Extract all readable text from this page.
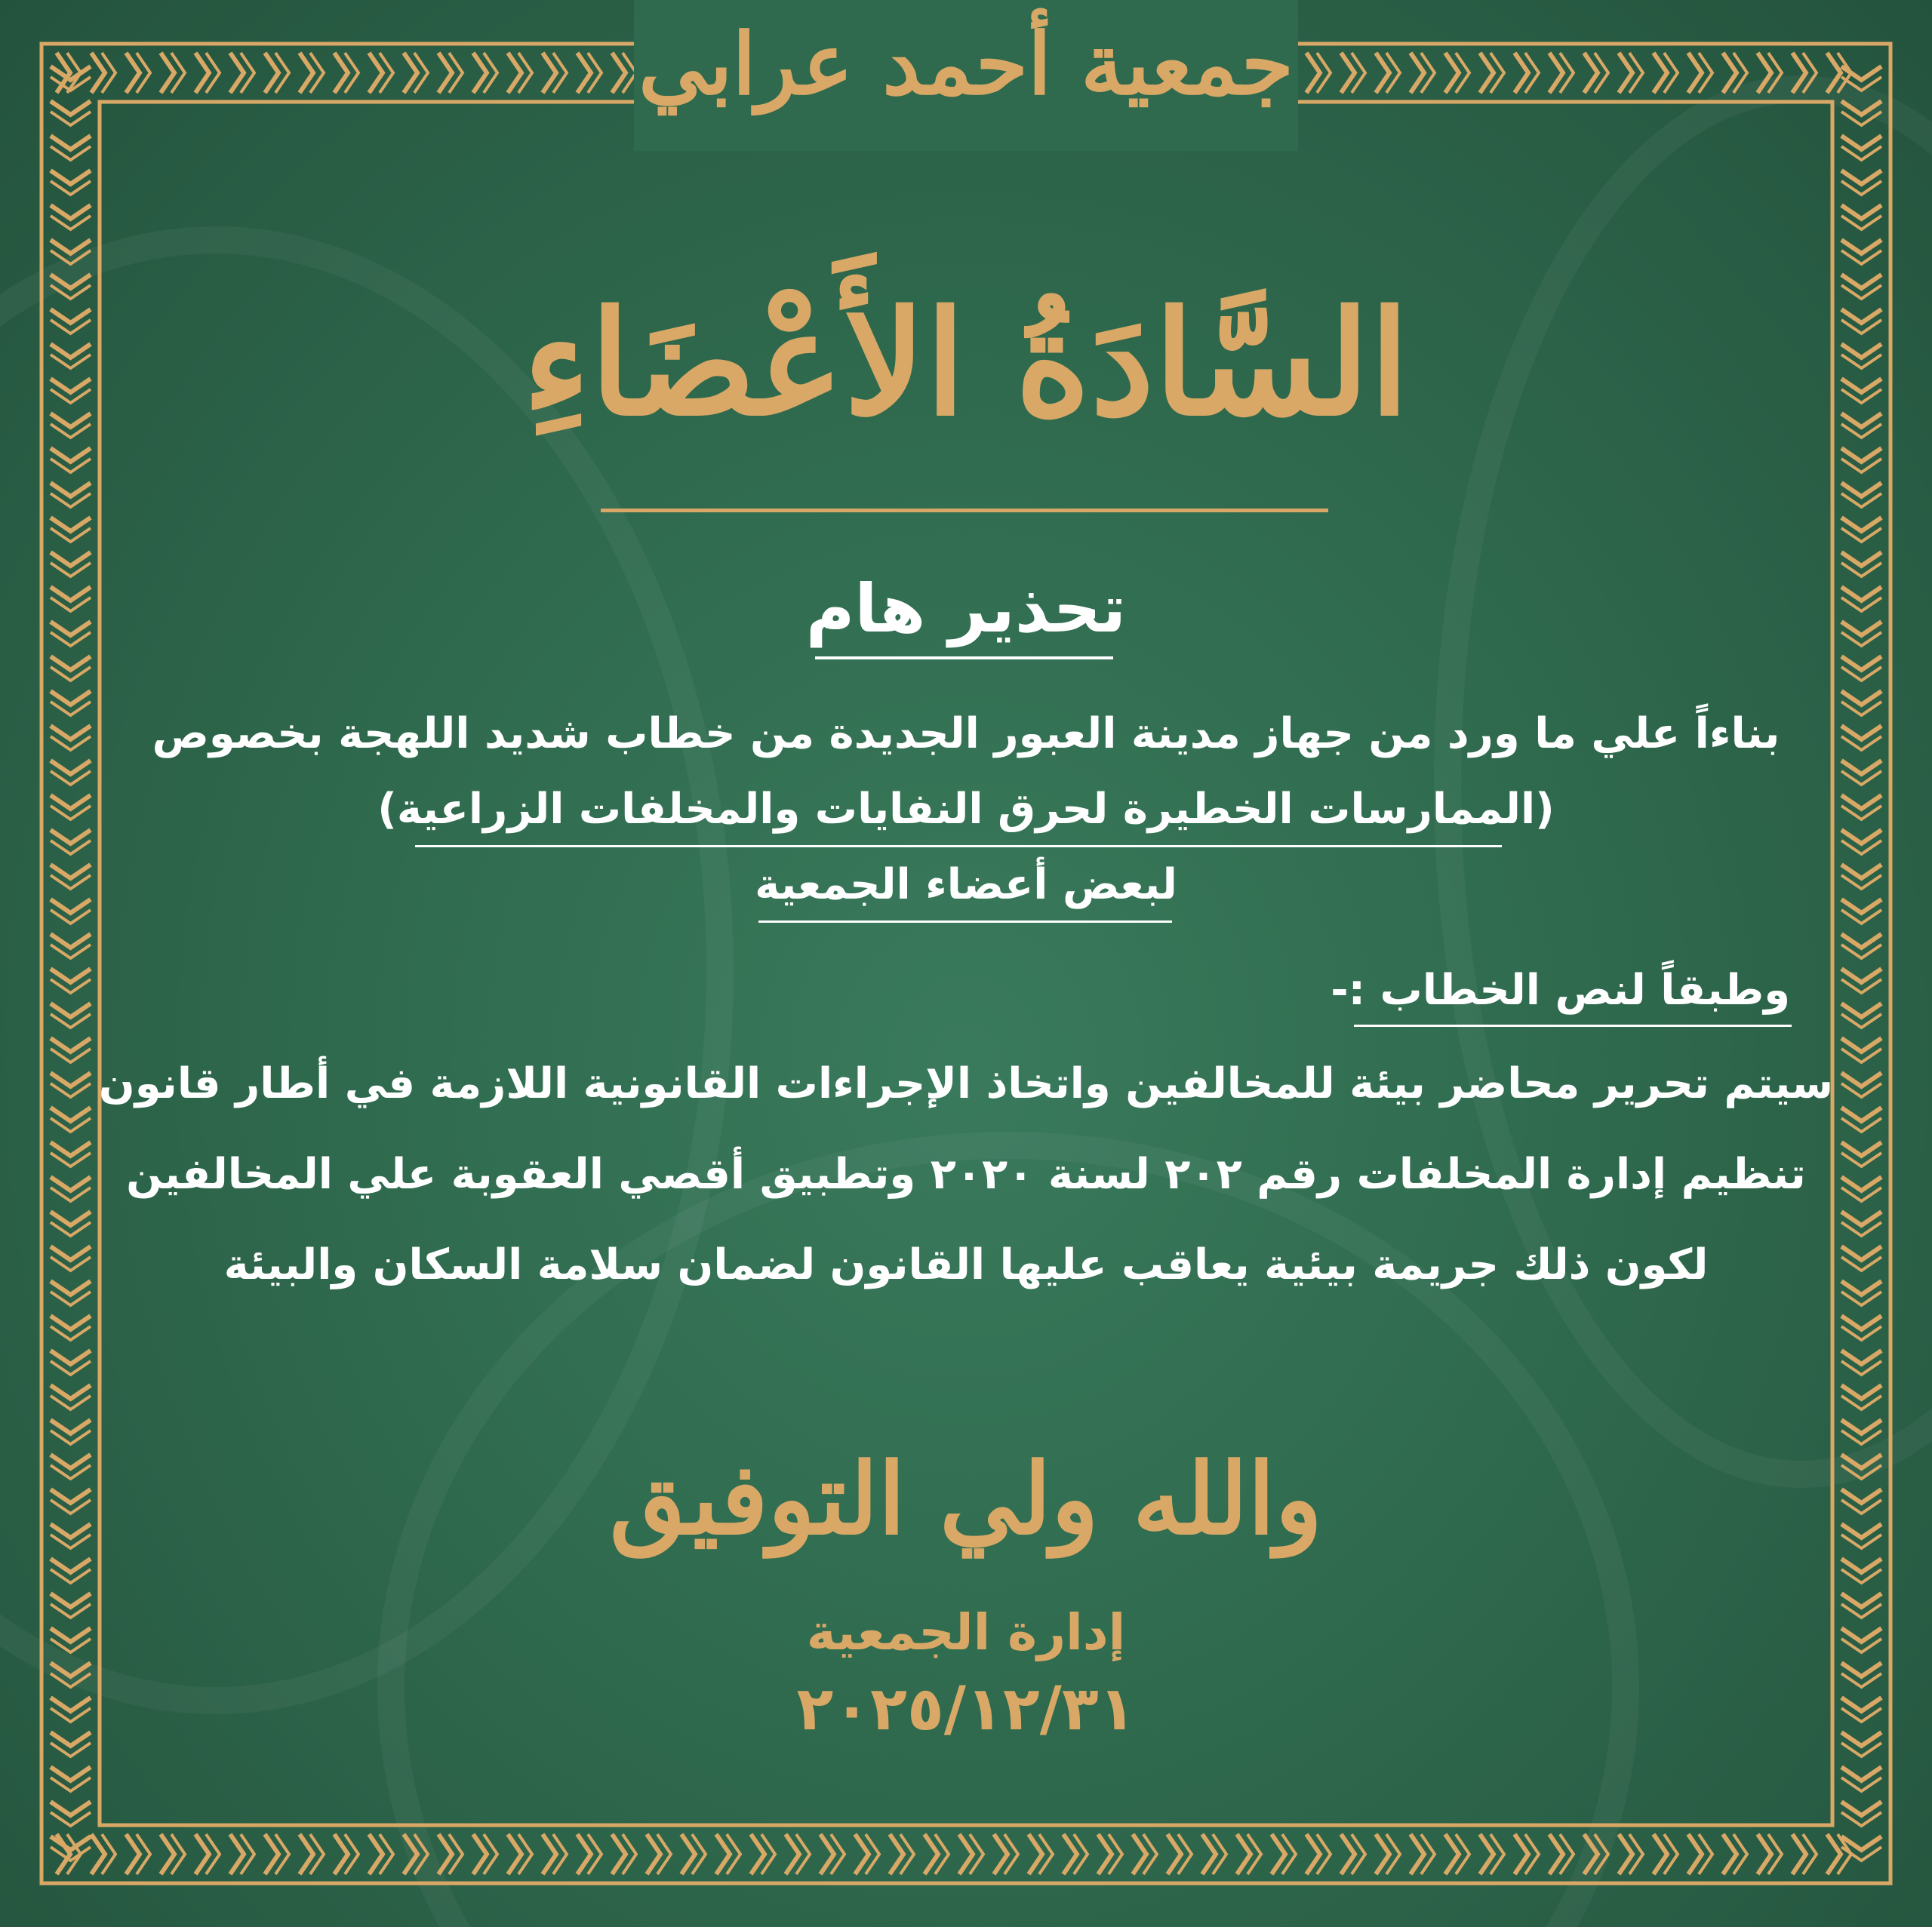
جمعية أحمد عرابي
السَّادَةُ الأَعْضَاءِ
تحذير هام
بناءاً علي ما ورد من جهاز مدينة العبور الجديدة من خطاب شديد اللهجة بخصوص
(الممارسات الخطيرة لحرق النفايات والمخلفات الزراعية)
لبعض أعضاء الجمعية
وطبقاً لنص الخطاب :-
سيتم تحرير محاضر بيئة للمخالفين واتخاذ الإجراءات القانونية اللازمة في أطار قانون
تنظيم إدارة المخلفات رقم ٢٠٢ لسنة ٢٠٢٠ وتطبيق أقصي العقوبة علي المخالفين
لكون ذلك جريمة بيئية يعاقب عليها القانون لضمان سلامة السكان والبيئة
والله ولي التوفيق
إدارة الجمعية
٢٠٢٥/١٢/٣١
